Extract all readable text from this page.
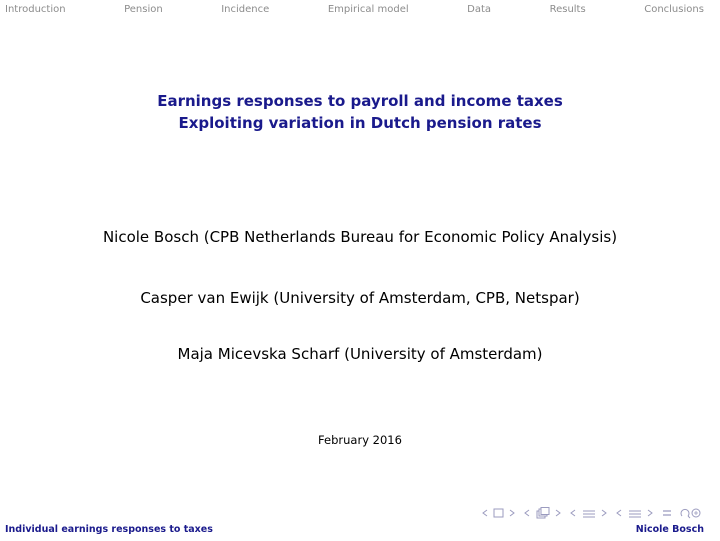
Introduction	Pension	Incidence	Empirical model	Data	Results	Conclusions
Earnings responses to payroll and income taxes
Exploiting variation in Dutch pension rates
Nicole Bosch (CPB Netherlands Bureau for Economic Policy Analysis)
Casper van Ewijk (University of Amsterdam, CPB, Netspar)
Maja Micevska Scharf (University of Amsterdam)
February 2016
Individual earnings responses to taxes	Nicole Bosch
